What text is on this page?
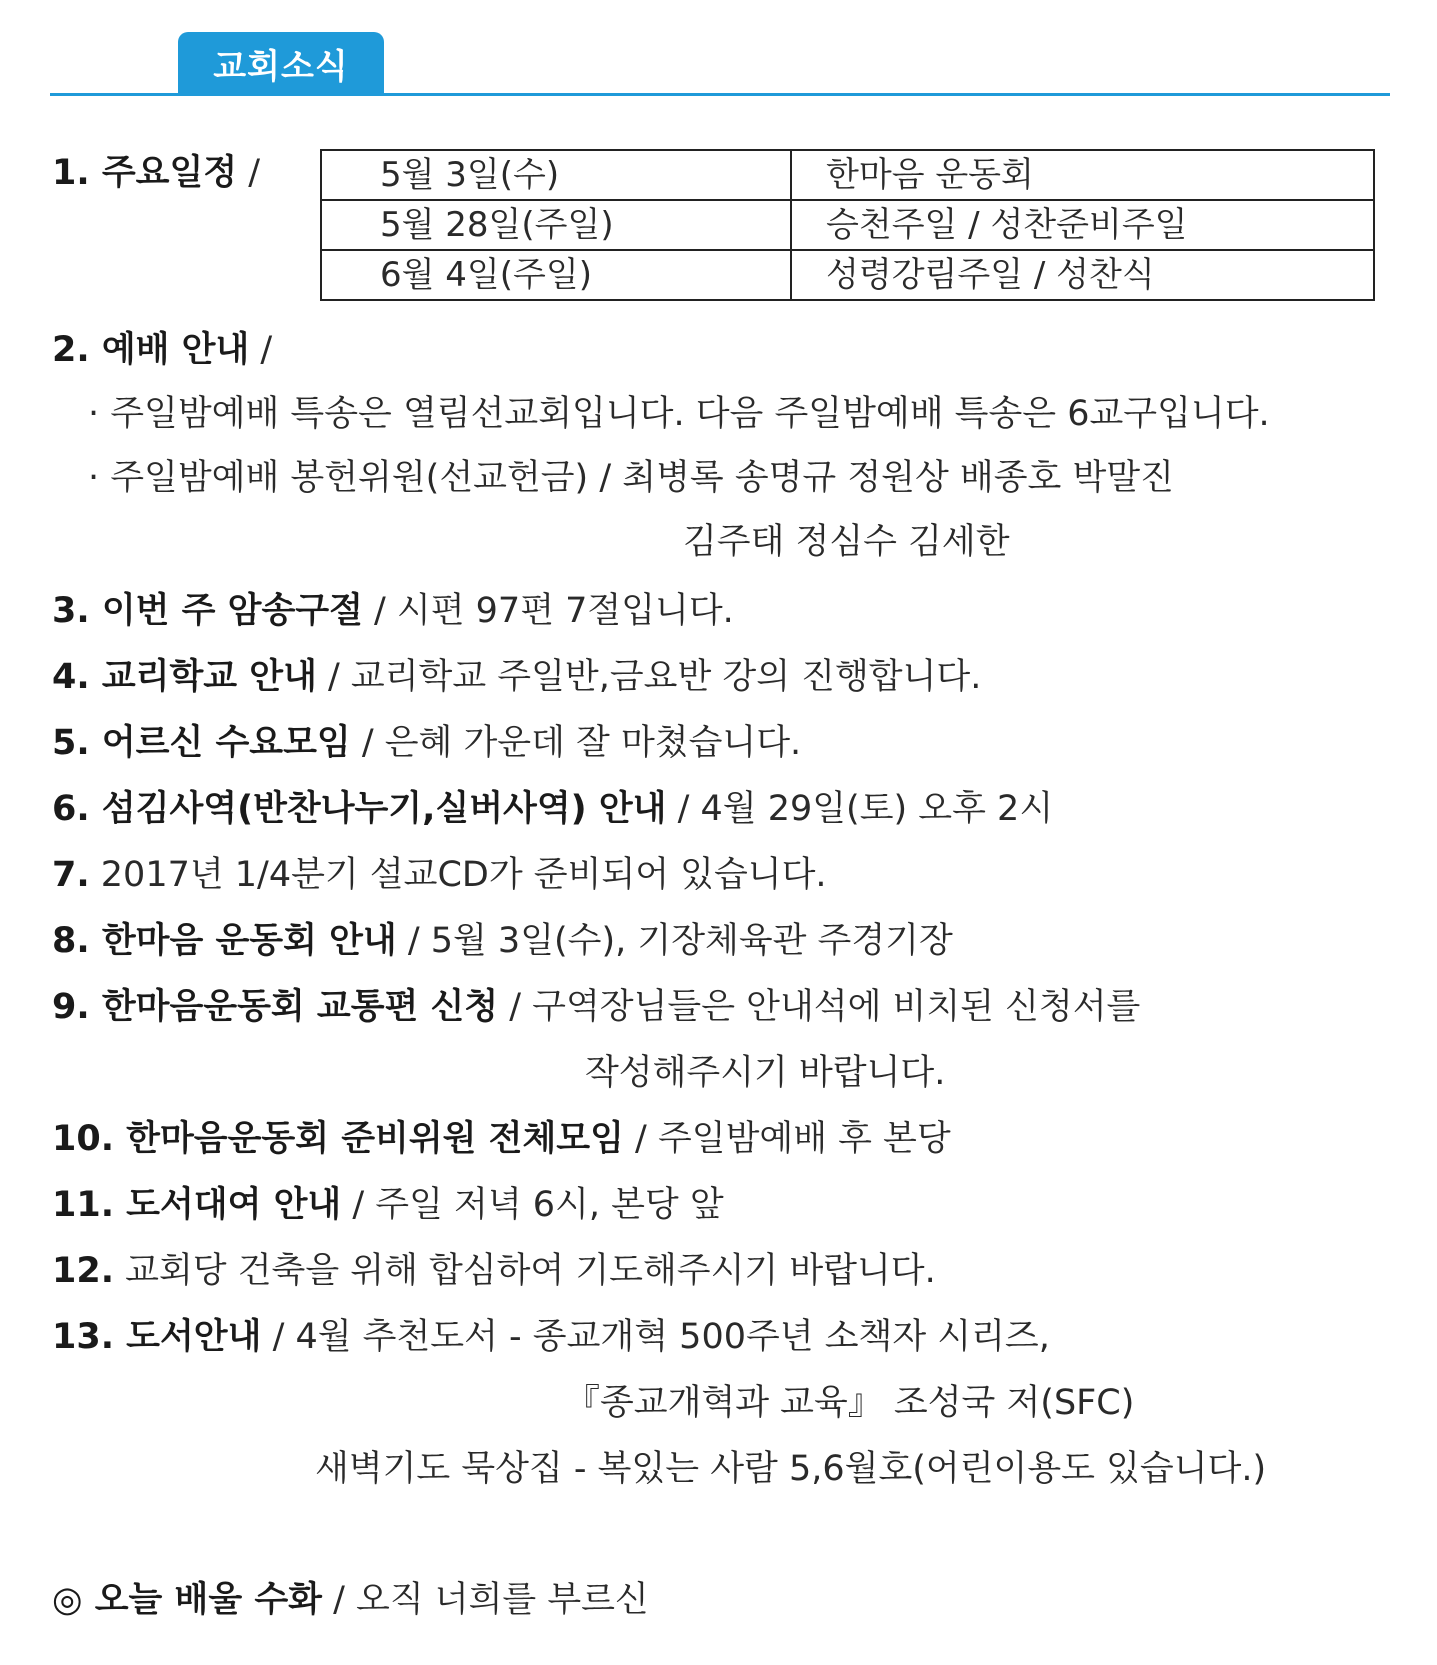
교회소식
1. 주요일정 /	5월 3일(수)	한마음 운동회
5월 28일(주일)	승천주일 / 성찬준비주일
6월 4일(주일)	성령강림주일 / 성찬식
2. 예배 안내 /
· 주일밤예배 특송은 열림선교회입니다. 다음 주일밤예배 특송은 6교구입니다.
· 주일밤예배 봉헌위원(선교헌금) / 최병록 송명규 정원상 배종호 박말진
김주태 정심수 김세한
3. 이번 주 암송구절 / 시편 97편 7절입니다.
4. 교리학교 안내 / 교리학교 주일반,금요반 강의 진행합니다.
5. 어르신 수요모임 / 은혜 가운데 잘 마쳤습니다.
6. 섬김사역(반찬나누기,실버사역) 안내 / 4월 29일(토) 오후 2시
7. 2017년 1/4분기 설교CD가 준비되어 있습니다.
8. 한마음 운동회 안내 / 5월 3일(수), 기장체육관 주경기장
9. 한마음운동회 교통편 신청 / 구역장님들은 안내석에 비치된 신청서를
작성해주시기 바랍니다.
10. 한마음운동회 준비위원 전체모임 / 주일밤예배 후 본당
11. 도서대여 안내 / 주일 저녁 6시, 본당 앞
12. 교회당 건축을 위해 합심하여 기도해주시기 바랍니다.
13. 도서안내 / 4월 추천도서 - 종교개혁 500주년 소책자 시리즈,
『종교개혁과 교육』 조성국 저(SFC)
새벽기도 묵상집 - 복있는 사람 5,6월호(어린이용도 있습니다.)
◎ 오늘 배울 수화 / 오직 너희를 부르신
